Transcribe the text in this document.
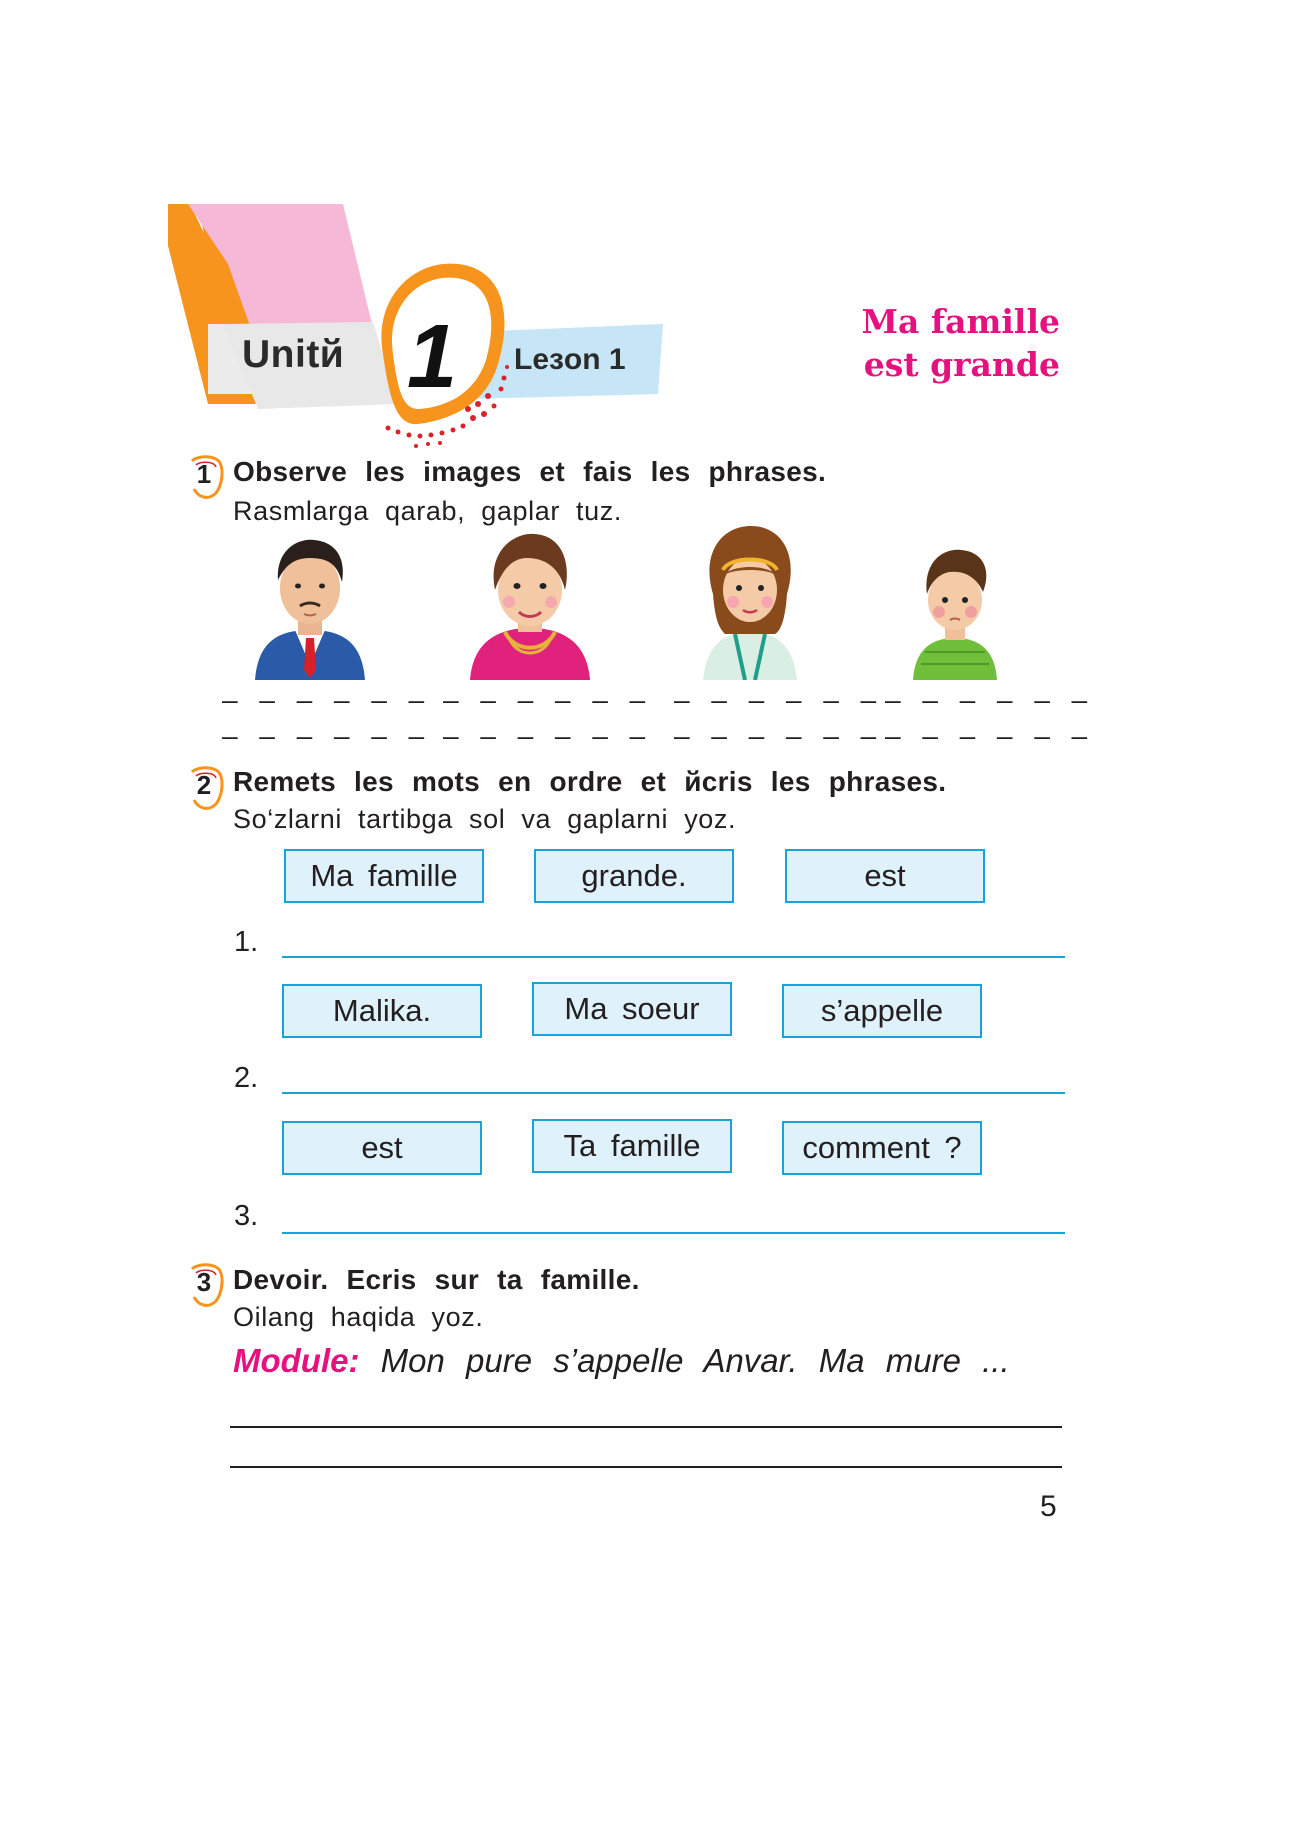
Unitй 1	Leзon 1
Ma famille
est grande
1 Observe les images et fais les phrases.
Rasmlarga qarab, gaplar tuz.
— — — — — —
— — — — — —
— — — — — —
— — — — — —
— — — — — —
— — — — — —
— — — — — —
— — — — — —
2 Remets les mots en ordre et йcris les phrases.
So‘zlarni tartibga sol va gaplarni yoz.
Ma famille	grande.	est
1.
Malika.	Ma soeur	s’appelle
2.
est	Ta famille	comment ?
3.
3 Devoir. Ecris sur ta famille.
Oilang haqida yoz.
Module: Mon pure s’appelle Anvar. Ma mure ...
5
